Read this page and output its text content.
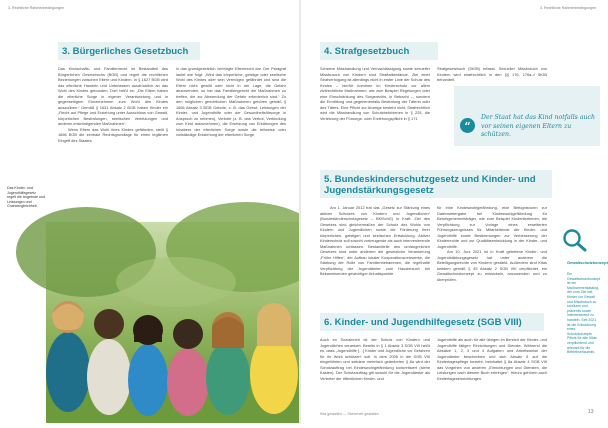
3. Rechtliche Rahmenbedingungen
3. Bürgerliches Gesetzbuch

Das Kindschafts- und Familienrecht ist Bestandteil des Bürgerlichen Gesetzbuchs (BGB) und regelt die rechtlichen Beziehungen zwischen Eltern und Kindern. In § 1627 BGB wird das elterliche Handeln und Unterlassen ausdrücklich an das Wohl des Kindes gebunden. Dort heißt es: „Die Eltern haben die elterliche Sorge in eigener Verantwortung und in gegenseitigem Einvernehmen zum Wohl des Kindes auszuüben.“ Gemäß § 1631 Absatz 2 BGB haben Kinder ein „Recht auf Pflege und Erziehung unter Ausschluss von Gewalt, körperlichen Bestrafungen, seelischen Verletzungen und anderen entwürdigenden Maßnahmen“.

Wenn Eltern das Wohl ihres Kindes gefährden, stellt § 1666 BGB die zentrale Rechtsgrundlage für einen legitimen Eingriff des Staates

in das grundgesetzlich verbürgte Elternrecht dar. Der Paragraf lautet wie folgt: „Wird das körperliche, geistige oder seelische Wohl des Kindes oder sein Vermögen gefährdet und sind die Eltern nicht gewillt oder nicht in der Lage, die Gefahr abzuwenden, so hat das Familiengericht die Maßnahmen zu treffen, die zur Abwendung der Gefahr erforderlich sind.“ Zu den möglichen gerichtlichen Maßnahmen gehören gemäß § 1666 Absatz 3 BGB Gebote, z. B. das Gebot, Leistungen der Kinder- und Jugendhilfe oder der Gesundheitsfürsorge in Anspruch zu nehmen), Verbote (z. B. das Verbot, Verbindung zum Kind aufzunehmen), die Ersetzung von Erklärungen des Inhabers der elterlichen Sorge sowie die teilweise oder vollständige Entziehung der elterlichen Sorge.

Das Kinder- und Jugendhilfegesetz regelt die Angebote und Leistungen und Chancengleichheit.
3. Rechtliche Rahmenbedingungen
4. Strafgesetzbuch

Schwere Misshandlung und Vernachlässigung sowie sexueller Missbrauch von Kindern sind Straftatbestände. Ziel einer Strafverfolgung ist allerdings nicht in erster Linie der Schutz des Kindes – hierfür kommen im Kinderschutz vor allem zivilrechtliche Maßnahmen, wie zum Beispiel Regelungen oder eine Einschränkung des Sorgerechts, in Betracht –, sondern die Ermittlung und gegebenenfalls Bestrafung der Täterin oder des Täters. Eine Pflicht zur Anzeige besteht nicht. Strafrechtlich wird die Misshandlung von Schutzbefohlenen in § 225, die Verletzung der Fürsorge- oder Erziehungspflicht in § 171

Strafgesetzbuch (StGB) erfasst. Sexueller Missbrauch von Kindern wird strafrechtlich in den §§ 176, 176a–f StGB behandelt.

“
Der Staat hat das Kind notfalls auch vor seinen eigenen Eltern zu schützen.
5. Bundeskinderschutzgesetz und Kinder- und Jugendstärkungsgesetz

Am 1. Januar 2012 trat das „Gesetz zur Stärkung eines aktiven Schutzes von Kindern und Jugendlichen“ (Bundeskinderschutzgesetz – BKiSchG) in Kraft. Ziel des Gesetzes sind gleichermaßen der Schutz des Wohls von Kindern und Jugendlichen sowie die Förderung ihrer körperlichen, geistigen und seelischen Entwicklung. Aktiver Kinderschutz soll sowohl vorbeugende als auch intervenierende Maßnahmen umfassen. Bestandteile des umfangreichen Gesetzes sind unter anderem die gesetzliche Verankerung „Frühe Hilfen“, der Aufbau lokaler Kooperationsnetzwerke, die Stärkung der Rolle von Familienhebammen, die regelhafte Verpflichtung der Jugendämter zum Hausbesuch bei Bekanntwerden gewichtiger Anhaltspunkte

für eine Kindeswohlgefährdung, eine Befugnisnorm zur Datenweitergabe bei Kindeswohlgefährdung für Berufsgeheimnisträger, wie zum Beispiel Kinderärztinnen, die Verpflichtung zur Vorlage eines erweiterten Führungszeugnisses für Mitarbeitende der Kinder- und Jugendhilfe sowie Bestimmungen zur Verbesserung der Kinderrechte und zur Qualitätsentwicklung in der Kinder- und Jugendhilfe.

Am 10. Juni 2021 ist in Kraft getretene Kinder- und Jugendstärkungsgesetz hat unter anderem die Beteiligungsrechte von Kindern gestärkt. Außerdem sind Kitas seitdem gemäß § 45 Absatz 2 SGB VIII verpflichtet, ein Gewaltschutzkonzept zu entwickeln, anzuwenden und zu überprüfen.

6. Kinder- und Jugendhilfegesetz (SGB VIII)

Auch im Sozialrecht ist der Schutz von Kindern und Jugendlichen verankert. Bereits in § 1 Absatz 3 SGB VIII heißt es, dass „Jugendhilfe […] Kinder und Jugendliche vor Gefahren für ihr Wohl schützen“ soll. In dem 2005 in die SGB VIII eingeführten und seitdem mehrfach geänderten § 8a wird der Schutzauftrag bei Kindeswohlgefährdung konkretisiert (siehe Kasten). Der Schutzauftrag gilt sowohl für die Jugendämter als Vertreter der öffentlichen Kinder- und

Jugendhilfe als auch für alle übrigen im Bereich der Kinder- und Jugendhilfe tätigen Einrichtungen und Dienste. Während die Absätze 1, 2, 3 und 4 Aufgaben und Arbeitsweise der Jugendämter beschreiben und sich Absatz 5 auf die Kindertagespflege bezieht, beinhaltet § 8a Absatz 4 SGB VIII das Vorgehen von anderen „Einrichtungen und Diensten, die Leistungen nach diesem Buch erbringen“. Hierzu gehören auch Kindertageseinrichtungen.

Gewaltschutzkonzept
Ein Gewaltschutzkonzept ist ein Maßnahmenkatalog, der zum Ziel hat, Kinder vor Gewalt und Missbrauch zu schützen und präventiv sowie intervenierend zu handeln. Seit 2021 ist die Entwicklung eines Schutzkonzepts Pflicht für alle Kitas verpflichtend und relevant für die Betriebserlaubnis.
Kita gestalten — Sicherheit gestalten	13
